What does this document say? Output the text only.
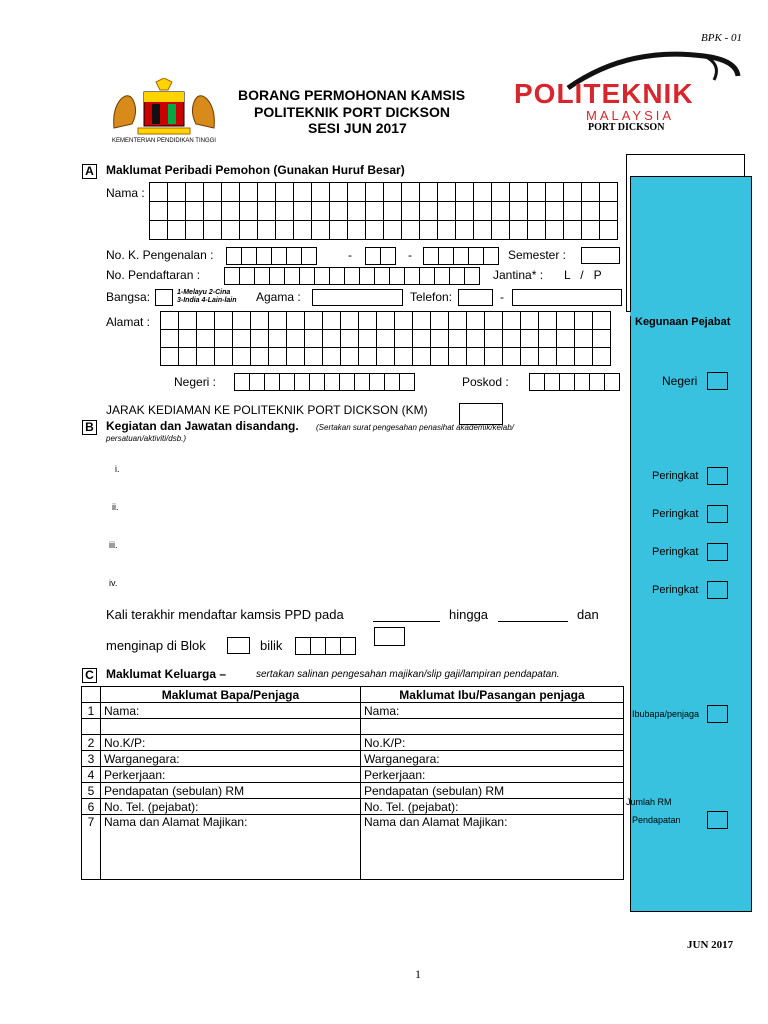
BPK - 01
KEMENTERIAN PENDIDIKAN TINGGI
BORANG PERMOHONAN KAMSIS
POLITEKNIK PORT DICKSON
SESI JUN 2017
POLITEKNIK
MALAYSIA
PORT DICKSON
Kegunaan Pejabat
Negeri
Peringkat
Peringkat
Peringkat
Peringkat
Ibubapa/penjaga
Jumlah RM
Pendapatan
A Maklumat Peribadi Pemohon (Gunakan Huruf Besar)
Nama :
No. K. Pengenalan :	-	-	Semester :
No. Pendaftaran :	Jantina* : L   /   P
Bangsa:	1-Melayu 2-Cina
3-India 4-Lain-lain Agama :	Telefon:	-
Alamat :
Negeri :	Poskod :
JARAK KEDIAMAN KE POLITEKNIK PORT DICKSON (KM)
B Kegiatan dan Jawatan disandang. (Sertakan surat pengesahan penasihat akademik/kelab/
persatuan/aktiviti/dsb.)
i.
ii.
iii.
iv.
Kali terakhir mendaftar kamsis PPD pada	hingga	dan
menginap di Blok	bilik
C Maklumat Keluarga –	sertakan salinan pengesahan majikan/slip gaji/lampiran pendapatan.
	Maklumat Bapa/Penjaga	Maklumat Ibu/Pasangan penjaga
1	Nama:	Nama:

2	No.K/P:	No.K/P:
3	Warganegara:	Warganegara:
4	Perkerjaan:	Perkerjaan:
5	Pendapatan (sebulan) RM	Pendapatan (sebulan) RM
6	No. Tel. (pejabat):	No. Tel. (pejabat):
7	Nama dan Alamat Majikan:	Nama dan Alamat Majikan:
JUN 2017
1
